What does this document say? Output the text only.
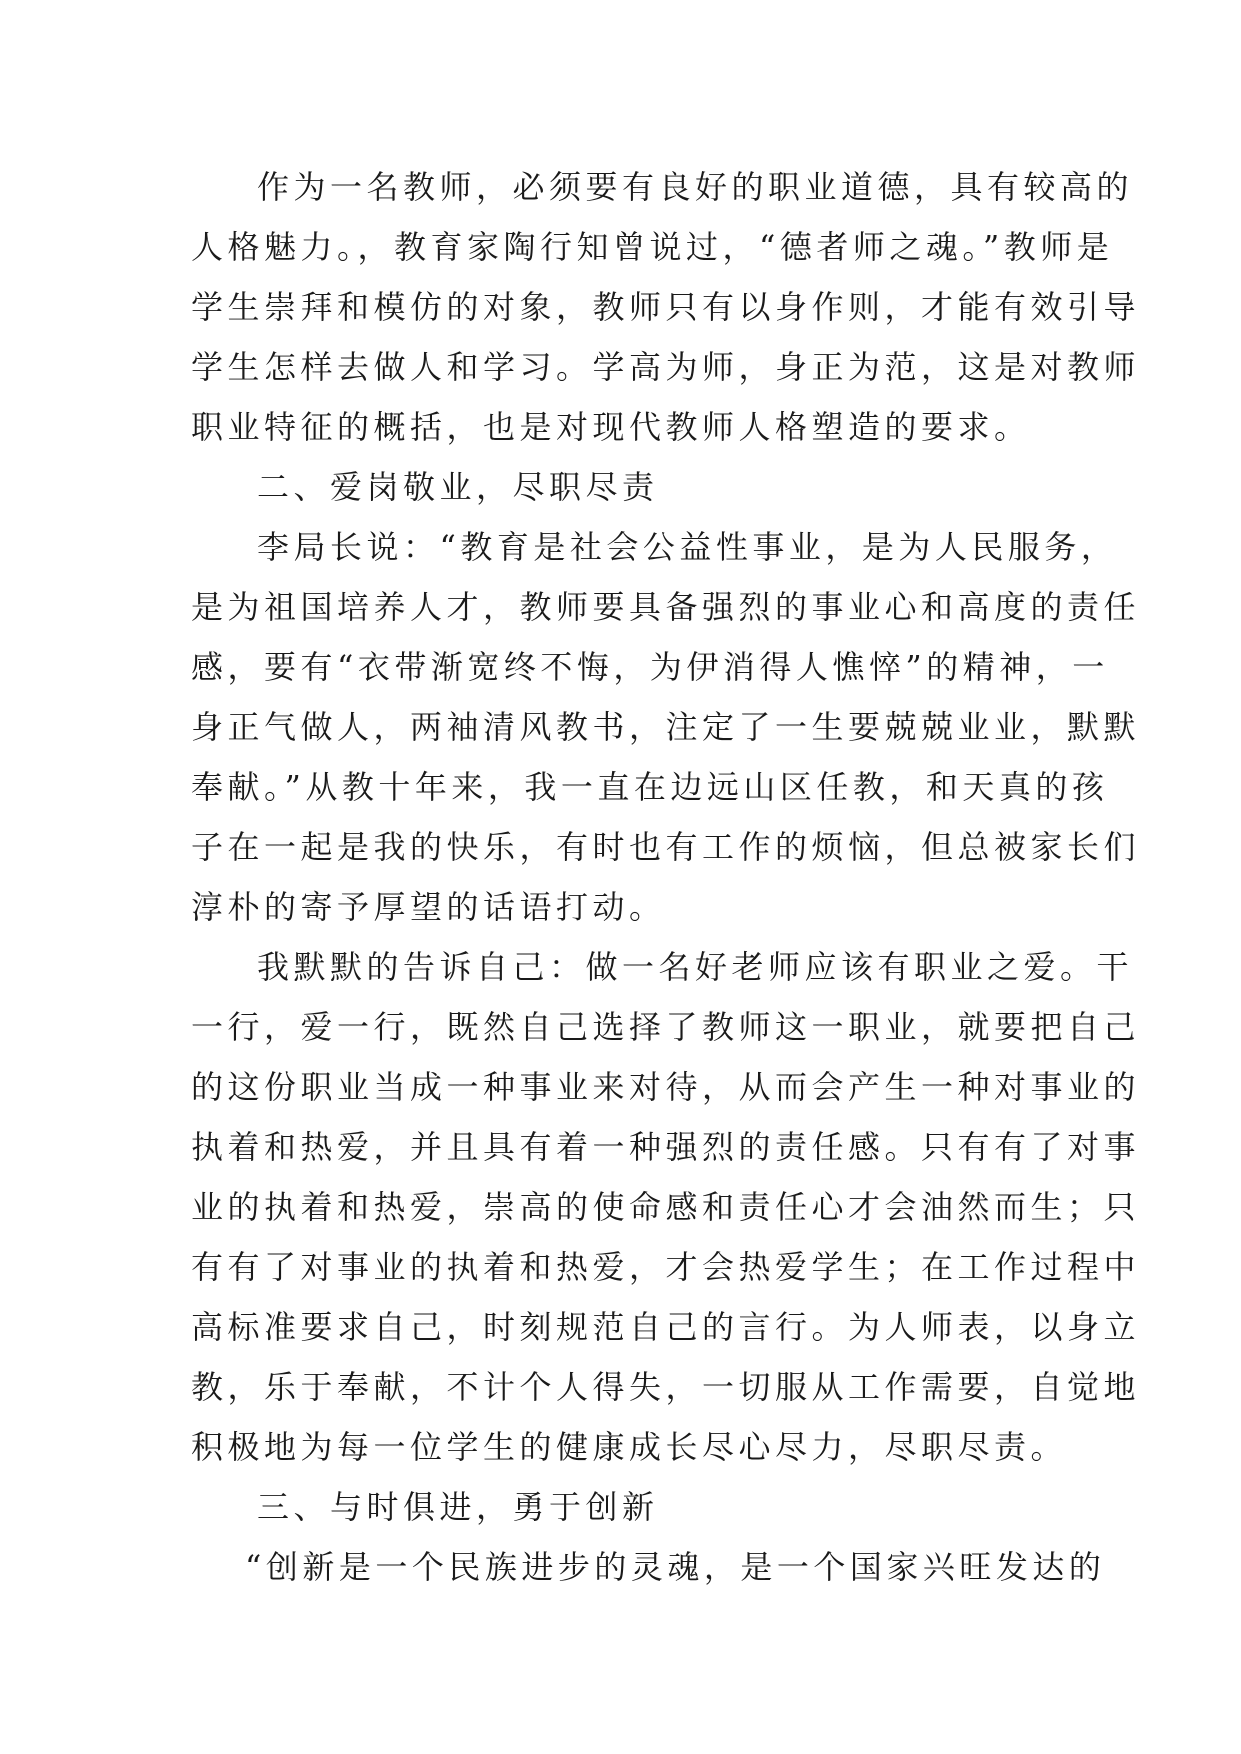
作为一名教师，必须要有良好的职业道德，具有较高的
人格魅力。，教育家陶行知曾说过，“德者师之魂。”教师是
学生崇拜和模仿的对象，教师只有以身作则，才能有效引导
学生怎样去做人和学习。学高为师，身正为范，这是对教师
职业特征的概括，也是对现代教师人格塑造的要求。
二、爱岗敬业，尽职尽责
李局长说：“教育是社会公益性事业，是为人民服务，
是为祖国培养人才，教师要具备强烈的事业心和高度的责任
感，要有“衣带渐宽终不悔，为伊消得人憔悴”的精神，一
身正气做人，两袖清风教书，注定了一生要兢兢业业，默默
奉献。”从教十年来，我一直在边远山区任教，和天真的孩
子在一起是我的快乐，有时也有工作的烦恼，但总被家长们
淳朴的寄予厚望的话语打动。
我默默的告诉自己：做一名好老师应该有职业之爱。干
一行，爱一行，既然自己选择了教师这一职业，就要把自己
的这份职业当成一种事业来对待，从而会产生一种对事业的
执着和热爱，并且具有着一种强烈的责任感。只有有了对事
业的执着和热爱，崇高的使命感和责任心才会油然而生；只
有有了对事业的执着和热爱，才会热爱学生；在工作过程中
高标准要求自己，时刻规范自己的言行。为人师表，以身立
教，乐于奉献，不计个人得失，一切服从工作需要，自觉地
积极地为每一位学生的健康成长尽心尽力，尽职尽责。
三、与时俱进，勇于创新
“创新是一个民族进步的灵魂，是一个国家兴旺发达的
